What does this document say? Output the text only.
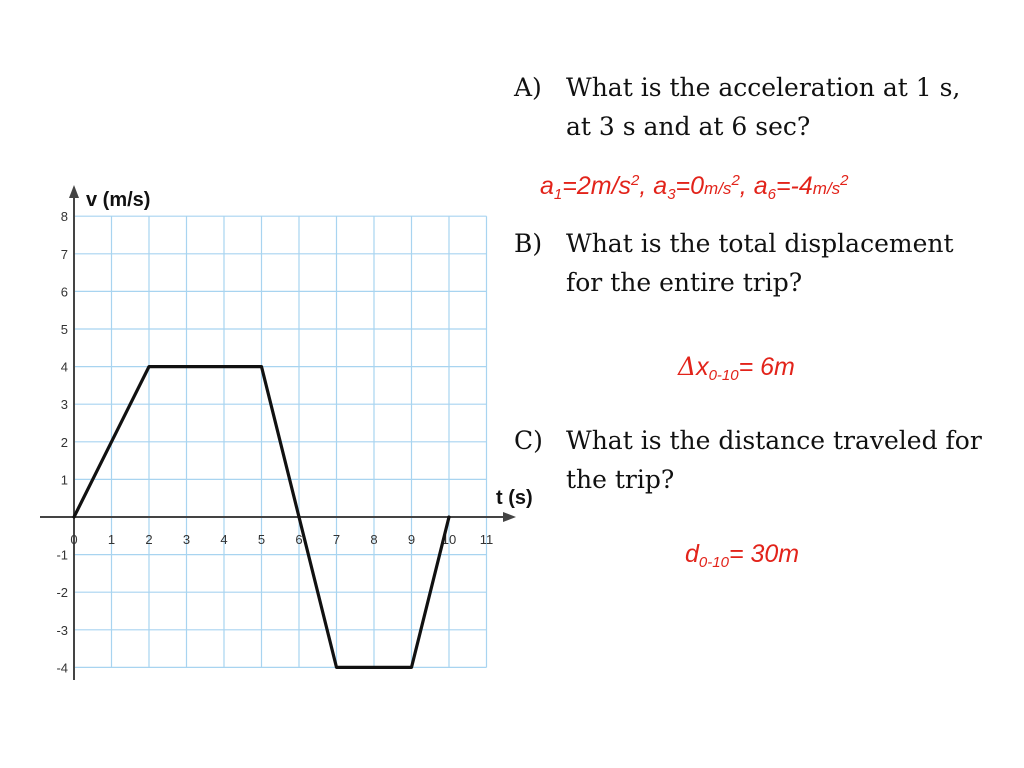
0 1 2 3 4 5 6 7 8 9 10 11
1
2
3
4
5
6
7
8
-1
-2
-3
-4
v (m/s)
t (s)
A) What is the acceleration at 1 s, at 3 s and at 6 sec?
$a_1=2m/s^2$, $a_3=0m/s^2$, $a_6=-4m/s^2$
B) What is the total displacement for the entire trip?
$\Delta x_{0-10}= 6m$
C) What is the distance traveled for the trip?
$d_{0-10}= 30m$
